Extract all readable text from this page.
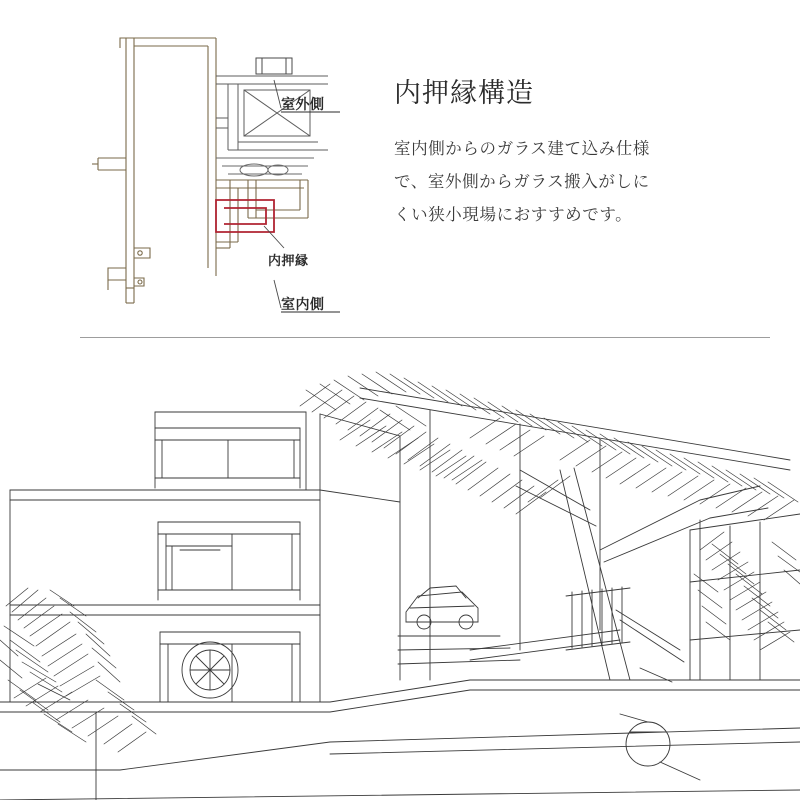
室外側
室内側
内押縁
内押縁構造

室内側からのガラス建て込み仕様で、室外側からガラス搬入がしにくい狭小現場におすすめです。
